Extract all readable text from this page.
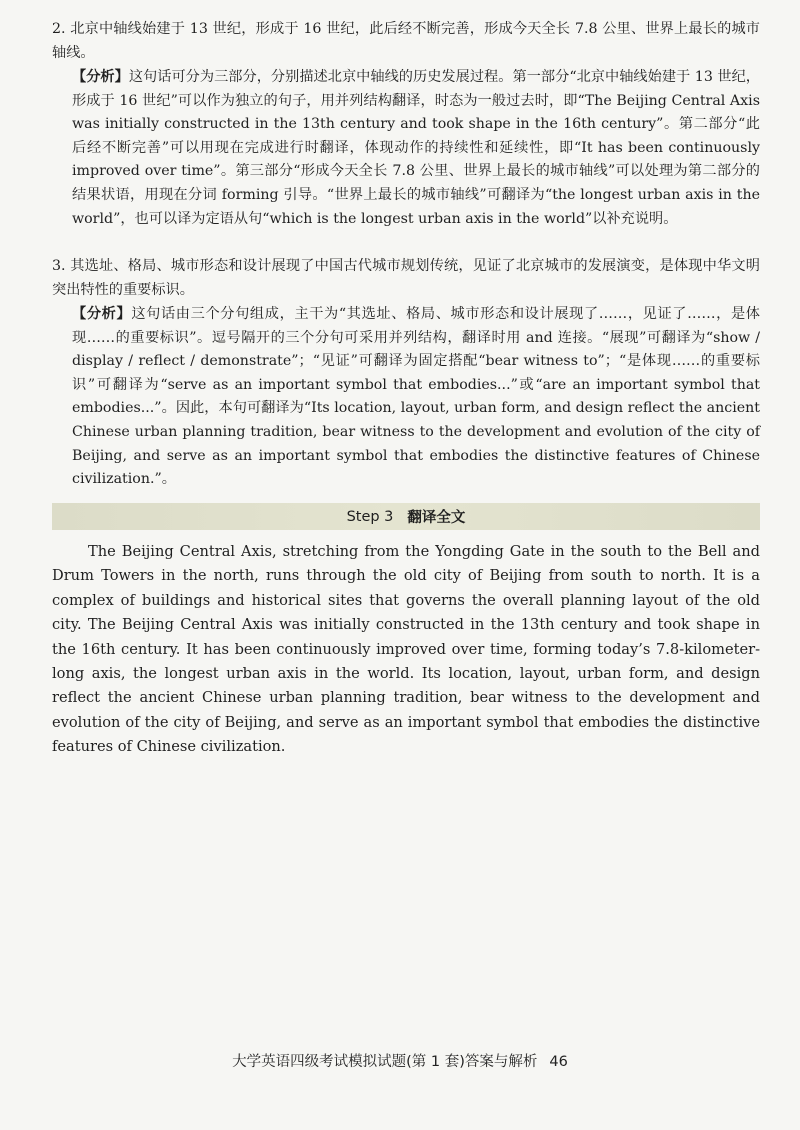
2. 北京中轴线始建于 13 世纪，形成于 16 世纪，此后经不断完善，形成今天全长 7.8 公里、世界上最长的城市轴线。
【分析】这句话可分为三部分，分别描述北京中轴线的历史发展过程。第一部分“北京中轴线始建于 13 世纪，形成于 16 世纪”可以作为独立的句子，用并列结构翻译，时态为一般过去时，即“The Beijing Central Axis was initially constructed in the 13th century and took shape in the 16th century”。第二部分“此后经不断完善”可以用现在完成进行时翻译，体现动作的持续性和延续性，即“It has been continuously improved over time”。第三部分“形成今天全长 7.8 公里、世界上最长的城市轴线”可以处理为第二部分的结果状语，用现在分词 forming 引导。“世界上最长的城市轴线”可翻译为“the longest urban axis in the world”，也可以译为定语从句“which is the longest urban axis in the world”以补充说明。
3. 其选址、格局、城市形态和设计展现了中国古代城市规划传统，见证了北京城市的发展演变，是体现中华文明突出特性的重要标识。
【分析】这句话由三个分句组成，主干为“其选址、格局、城市形态和设计展现了……，见证了……，是体现……的重要标识”。逗号隔开的三个分句可采用并列结构，翻译时用 and 连接。“展现”可翻译为“show / display / reflect / demonstrate”；“见证”可翻译为固定搭配“bear witness to”；“是体现……的重要标识”可翻译为“serve as an important symbol that embodies...”或“are an important symbol that embodies...”。因此，本句可翻译为“Its location, layout, urban form, and design reflect the ancient Chinese urban planning tradition, bear witness to the development and evolution of the city of Beijing, and serve as an important symbol that embodies the distinctive features of Chinese civilization.”。
Step 3 翻译全文
The Beijing Central Axis, stretching from the Yongding Gate in the south to the Bell and Drum Towers in the north, runs through the old city of Beijing from south to north. It is a complex of buildings and historical sites that governs the overall planning layout of the old city. The Beijing Central Axis was initially constructed in the 13th century and took shape in the 16th century. It has been continuously improved over time, forming today’s 7.8-kilometer-long axis, the longest urban axis in the world. Its location, layout, urban form, and design reflect the ancient Chinese urban planning tradition, bear witness to the development and evolution of the city of Beijing, and serve as an important symbol that embodies the distinctive features of Chinese civilization.
大学英语四级考试模拟试题(第 1 套)答案与解析 46
